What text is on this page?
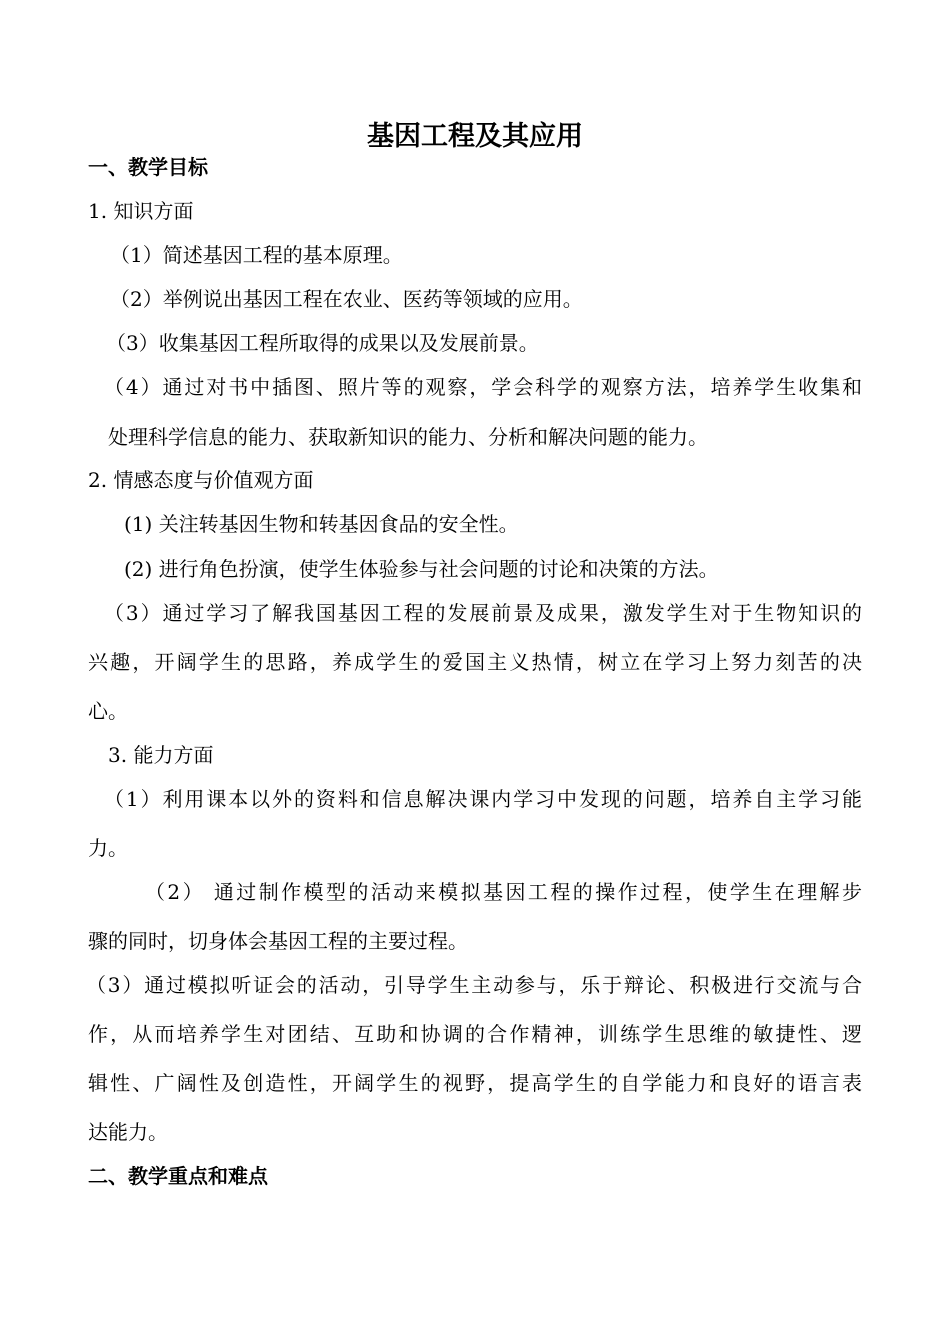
基因工程及其应用
一、教学目标
1. 知识方面
（1）简述基因工程的基本原理。
（2）举例说出基因工程在农业、医药等领域的应用。
（3）收集基因工程所取得的成果以及发展前景。
（4）通过对书中插图、照片等的观察，学会科学的观察方法，培养学生收集和
处理科学信息的能力、获取新知识的能力、分析和解决问题的能力。
2. 情感态度与价值观方面
(1) 关注转基因生物和转基因食品的安全性。
(2) 进行角色扮演，使学生体验参与社会问题的讨论和决策的方法。
（3）通过学习了解我国基因工程的发展前景及成果，激发学生对于生物知识的
兴趣，开阔学生的思路，养成学生的爱国主义热情，树立在学习上努力刻苦的决
心。
3. 能力方面
（1）利用课本以外的资料和信息解决课内学习中发现的问题，培养自主学习能
力。
（2） 通过制作模型的活动来模拟基因工程的操作过程，使学生在理解步
骤的同时，切身体会基因工程的主要过程。
（3）通过模拟听证会的活动，引导学生主动参与，乐于辩论、积极进行交流与合
作，从而培养学生对团结、互助和协调的合作精神，训练学生思维的敏捷性、逻
辑性、广阔性及创造性，开阔学生的视野，提高学生的自学能力和良好的语言表
达能力。
二、教学重点和难点
